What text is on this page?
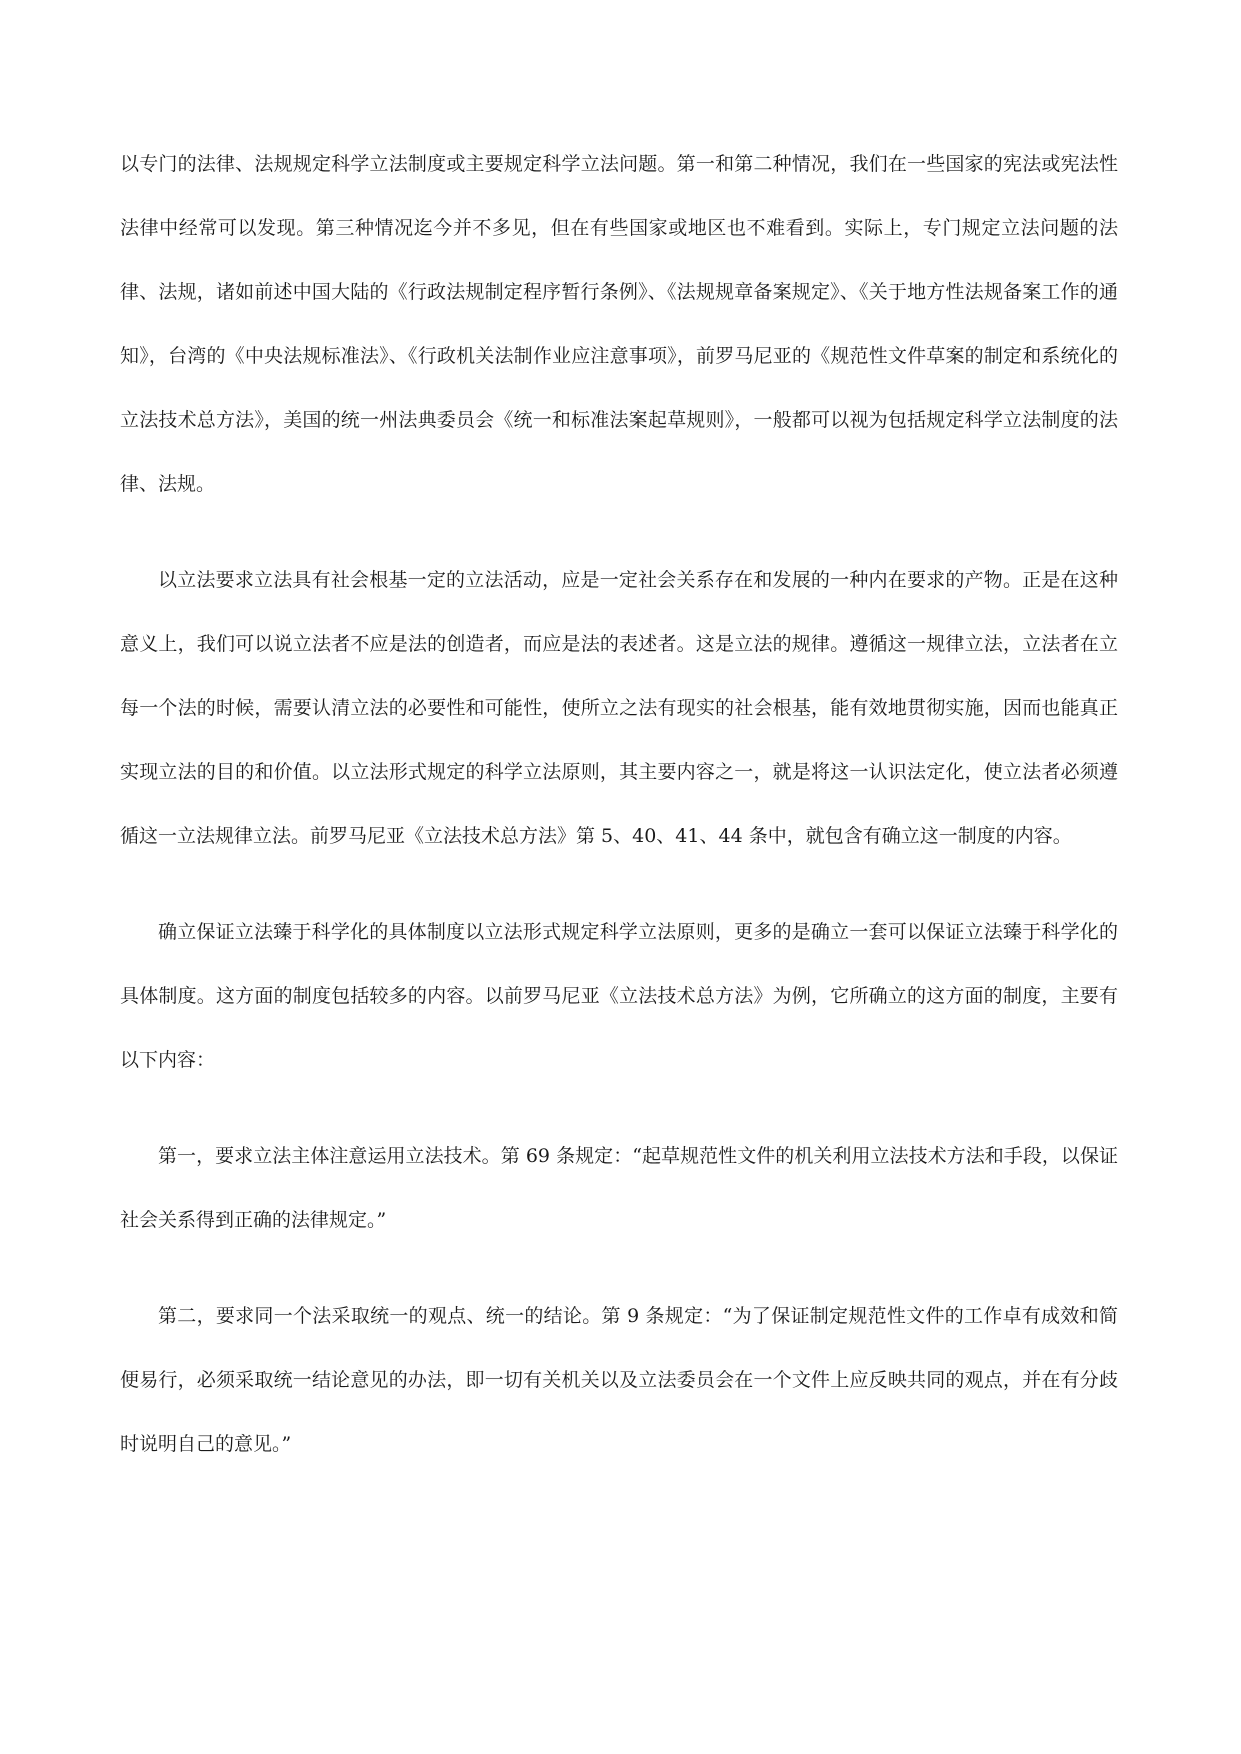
以专门的法律、法规规定科学立法制度或主要规定科学立法问题。第一和第二种情况，我们在一些国家的宪法或宪法性法律中经常可以发现。第三种情况迄今并不多见，但在有些国家或地区也不难看到。实际上，专门规定立法问题的法律、法规，诸如前述中国大陆的《行政法规制定程序暂行条例》、《法规规章备案规定》、《关于地方性法规备案工作的通知》，台湾的《中央法规标准法》、《行政机关法制作业应注意事项》，前罗马尼亚的《规范性文件草案的制定和系统化的立法技术总方法》，美国的统一州法典委员会《统一和标准法案起草规则》，一般都可以视为包括规定科学立法制度的法律、法规。

以立法要求立法具有社会根基一定的立法活动，应是一定社会关系存在和发展的一种内在要求的产物。正是在这种意义上，我们可以说立法者不应是法的创造者，而应是法的表述者。这是立法的规律。遵循这一规律立法，立法者在立每一个法的时候，需要认清立法的必要性和可能性，使所立之法有现实的社会根基，能有效地贯彻实施，因而也能真正实现立法的目的和价值。以立法形式规定的科学立法原则，其主要内容之一，就是将这一认识法定化，使立法者必须遵循这一立法规律立法。前罗马尼亚《立法技术总方法》第 5、40、41、44 条中，就包含有确立这一制度的内容。

确立保证立法臻于科学化的具体制度以立法形式规定科学立法原则，更多的是确立一套可以保证立法臻于科学化的具体制度。这方面的制度包括较多的内容。以前罗马尼亚《立法技术总方法》为例，它所确立的这方面的制度，主要有以下内容：

第一，要求立法主体注意运用立法技术。第 69 条规定：“起草规范性文件的机关利用立法技术方法和手段，以保证社会关系得到正确的法律规定。”

第二，要求同一个法采取统一的观点、统一的结论。第 9 条规定：“为了保证制定规范性文件的工作卓有成效和简便易行，必须采取统一结论意见的办法，即一切有关机关以及立法委员会在一个文件上应反映共同的观点，并在有分歧时说明自己的意见。”
